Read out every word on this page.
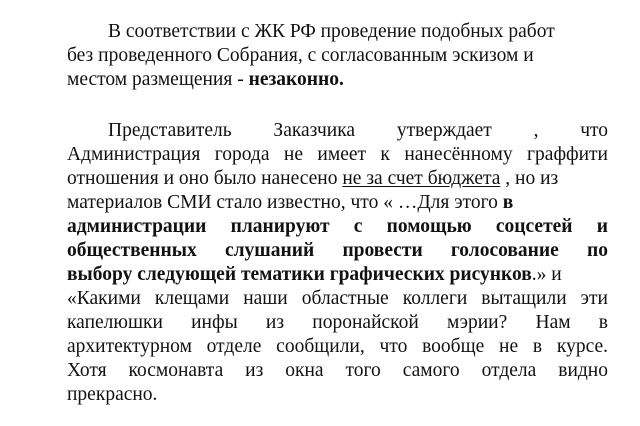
В соответствии с ЖК РФ проведение подобных работ
без проведенного Собрания, с согласованным эскизом и
местом размещения - незаконно.
Представитель Заказчика утверждает , что
Администрация города не имеет к нанесённому граффити
отношения и оно было нанесено не за счет бюджета , но из
материалов СМИ стало известно, что « …Для этого в
администрации планируют с помощью соцсетей и
общественных слушаний провести голосование по
выбору следующей тематики графических рисунков.» и
«Какими клещами наши областные коллеги вытащили эти
капелюшки инфы из поронайской мэрии? Нам в
архитектурном отделе сообщили, что вообще не в курсе.
Хотя космонавта из окна того самого отдела видно
прекрасно.
